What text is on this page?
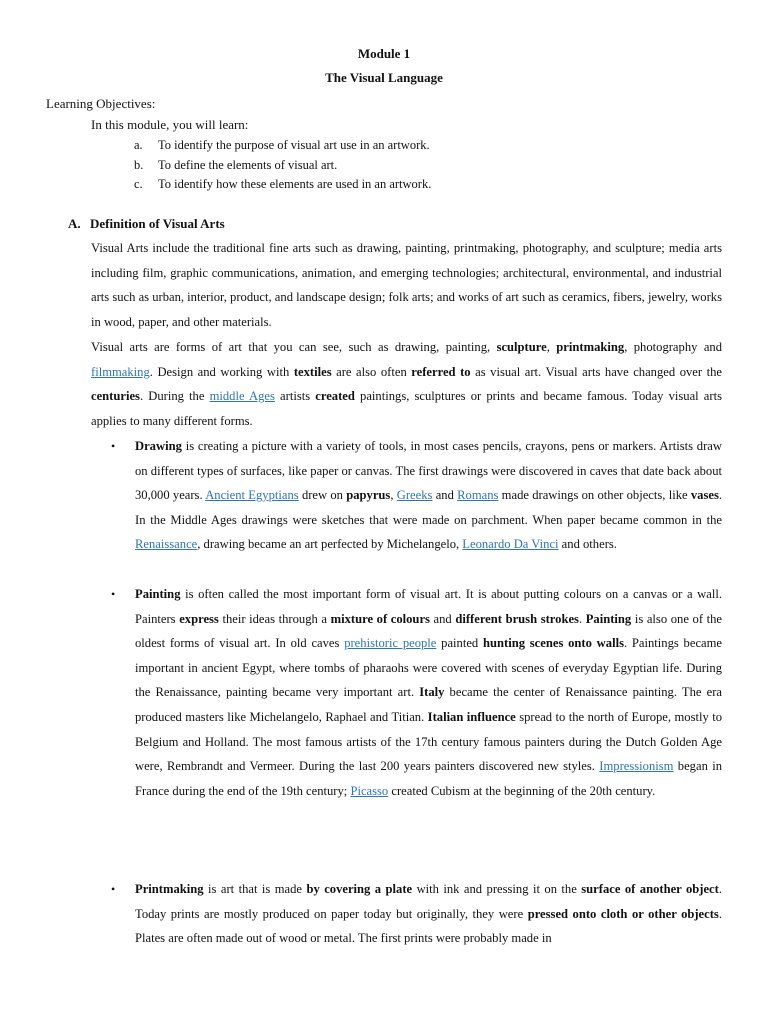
Module 1
The Visual Language
Learning Objectives:
In this module, you will learn:
a.	To identify the purpose of visual art use in an artwork.
b.	To define the elements of visual art.
c.	To identify how these elements are used in an artwork.
A. Definition of Visual Arts

Visual Arts include the traditional fine arts such as drawing, painting, printmaking, photography, and sculpture; media arts including film, graphic communications, animation, and emerging technologies; architectural, environmental, and industrial arts such as urban, interior, product, and landscape design; folk arts; and works of art such as ceramics, fibers, jewelry, works in wood, paper, and other materials.

Visual arts are forms of art that you can see, such as drawing, painting, sculpture, printmaking, photography and filmmaking. Design and working with textiles are also often referred to as visual art. Visual arts have changed over the centuries. During the middle Ages artists created paintings, sculptures or prints and became famous. Today visual arts applies to many different forms.

•	Drawing is creating a picture with a variety of tools, in most cases pencils, crayons, pens or markers. Artists draw on different types of surfaces, like paper or canvas. The first drawings were discovered in caves that date back about 30,000 years. Ancient Egyptians drew on papyrus, Greeks and Romans made drawings on other objects, like vases. In the Middle Ages drawings were sketches that were made on parchment. When paper became common in the Renaissance, drawing became an art perfected by Michelangelo, Leonardo Da Vinci and others.

•	Painting is often called the most important form of visual art. It is about putting colours on a canvas or a wall. Painters express their ideas through a mixture of colours and different brush strokes. Painting is also one of the oldest forms of visual art. In old caves prehistoric people painted hunting scenes onto walls. Paintings became important in ancient Egypt, where tombs of pharaohs were covered with scenes of everyday Egyptian life. During the Renaissance, painting became very important art. Italy became the center of Renaissance painting. The era produced masters like Michelangelo, Raphael and Titian. Italian influence spread to the north of Europe, mostly to Belgium and Holland. The most famous artists of the 17th century famous painters during the Dutch Golden Age were, Rembrandt and Vermeer. During the last 200 years painters discovered new styles. Impressionism began in France during the end of the 19th century; Picasso created Cubism at the beginning of the 20th century.

•	Printmaking is art that is made by covering a plate with ink and pressing it on the surface of another object. Today prints are mostly produced on paper today but originally, they were pressed onto cloth or other objects. Plates are often made out of wood or metal. The first prints were probably made in
